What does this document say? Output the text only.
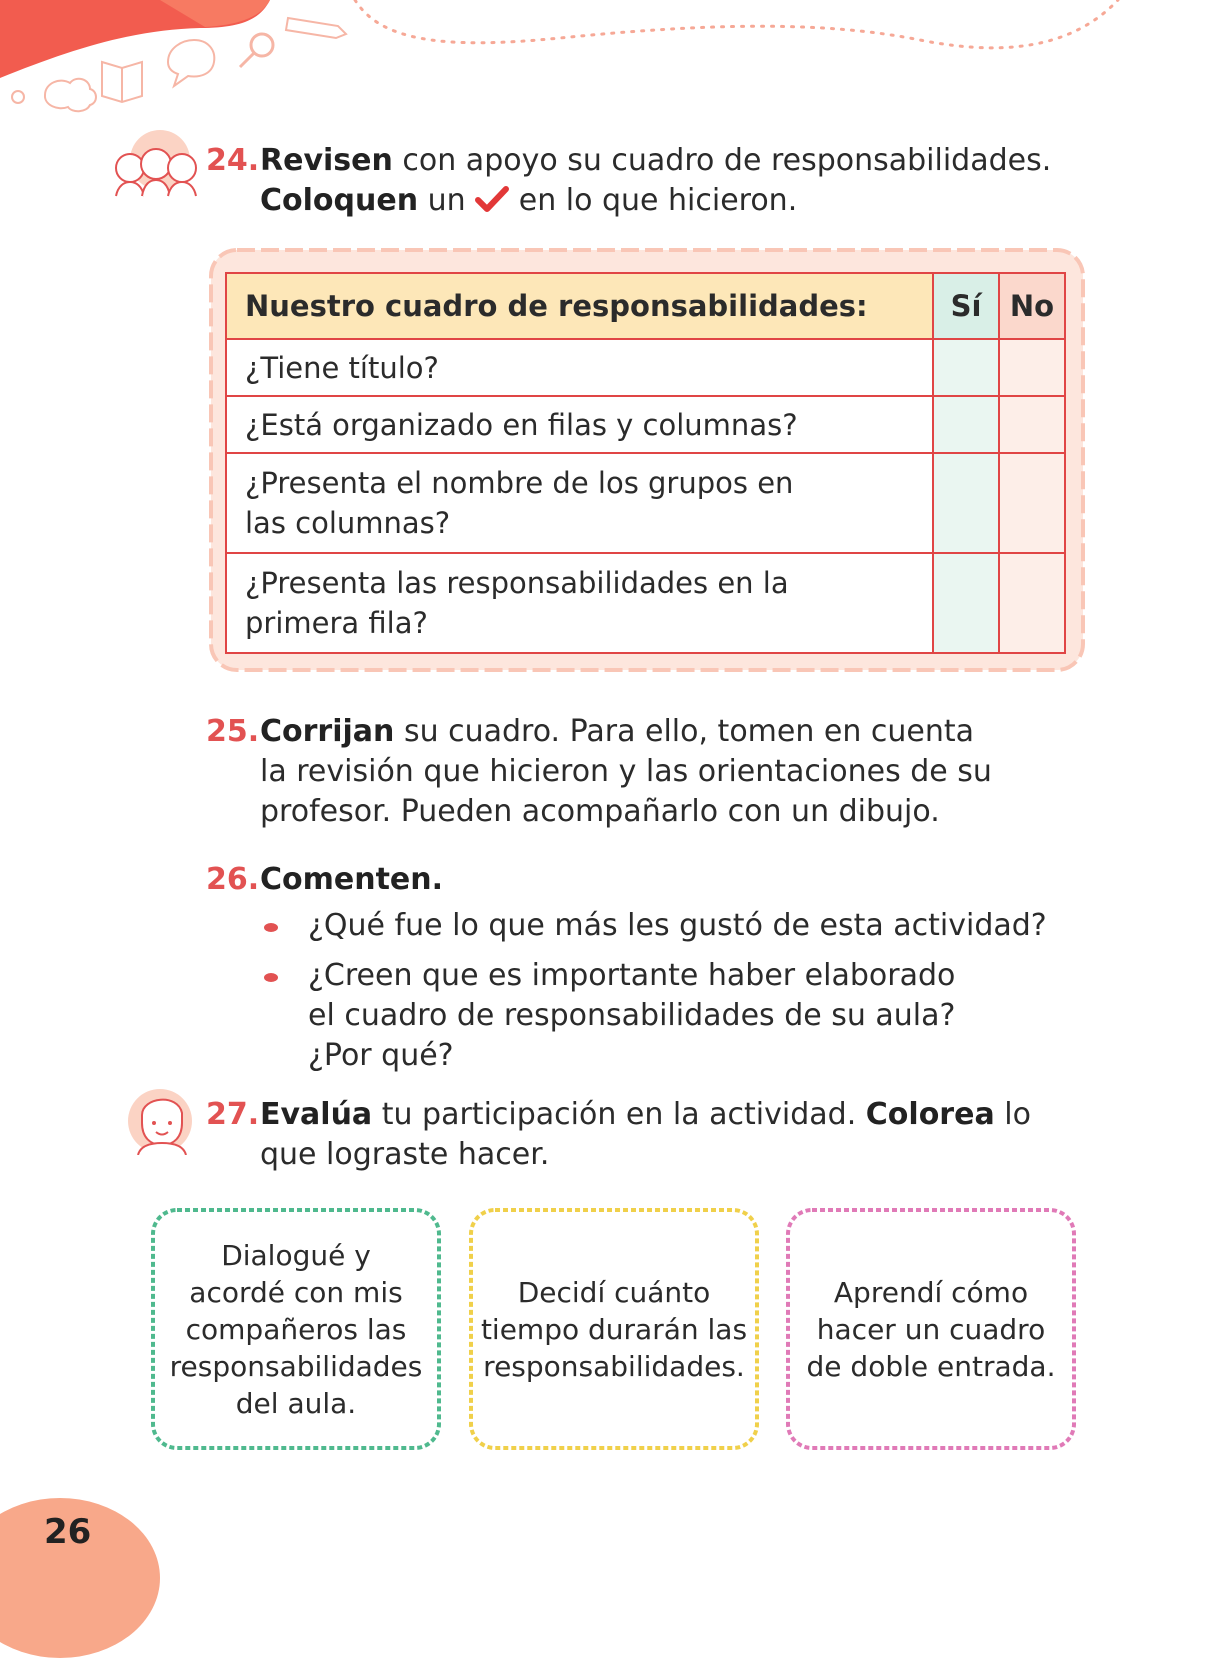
24.Revisen con apoyo su cuadro de responsabilidades.
Coloquen un en lo que hicieron.
Nuestro cuadro de responsabilidades:	Sí	No
¿Tiene título?		
¿Está organizado en filas y columnas?		
¿Presenta el nombre de los grupos en
las columnas?		
¿Presenta las responsabilidades en la
primera fila?		
25.Corrijan su cuadro. Para ello, tomen en cuenta
la revisión que hicieron y las orientaciones de su
profesor. Pueden acompañarlo con un dibujo.
26.Comenten.
¿Qué fue lo que más les gustó de esta actividad?
¿Creen que es importante haber elaborado
el cuadro de responsabilidades de su aula?
¿Por qué?
27.Evalúa tu participación en la actividad. Colorea lo
que lograste hacer.
Dialogué y
acordé con mis
compañeros las
responsabilidades
del aula.
Decidí cuánto
tiempo durarán las
responsabilidades.
Aprendí cómo
hacer un cuadro
de doble entrada.
26
